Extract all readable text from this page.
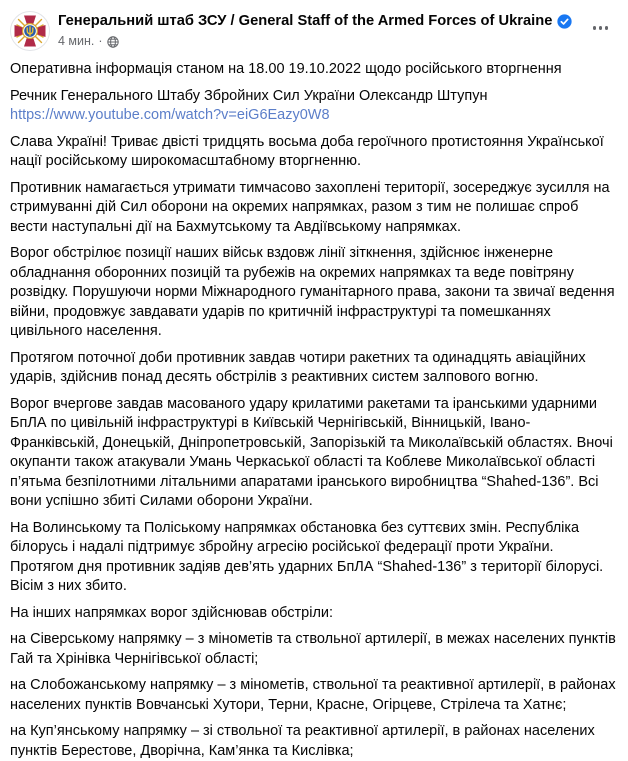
Генеральний штаб ЗСУ / General Staff of the Armed Forces of Ukraine
4 мин. ·

Оперативна інформація станом на 18.00 19.10.2022 щодо російського вторгнення

Речник Генерального Штабу Збройних Сил України Олександр Штупун

https://www.youtube.com/watch?v=eiG6Eazy0W8

Слава Україні! Триває двісті тридцять восьма доба героїчного протистояння Української нації російському широкомасштабному вторгненню.

Противник намагається утримати тимчасово захоплені території, зосереджує зусилля на стримуванні дій Сил оборони на окремих напрямках, разом з тим не полишає спроб вести наступальні дії на Бахмутському та Авдіївському напрямках.

Ворог обстрілює позиції наших військ вздовж лінії зіткнення, здійснює інженерне обладнання оборонних позицій та рубежів на окремих напрямках та веде повітряну розвідку. Порушуючи норми Міжнародного гуманітарного права, закони та звичаї ведення війни, продовжує завдавати ударів по критичній інфраструктурі та помешканнях цивільного населення.

Протягом поточної доби противник завдав чотири ракетних та одинадцять авіаційних ударів, здійснив понад десять обстрілів з реактивних систем залпового вогню.

Ворог вчергове завдав масованого удару крилатими ракетами та іранськими ударними БпЛА по цивільній інфраструктурі в Київській Чернігівській, Вінницькій, Івано-Франківській, Донецькій, Дніпропетровській, Запорізькій та Миколаївській областях. Вночі окупанти також атакували Умань Черкаської області та Коблеве Миколаївської області п’ятьма безпілотними літальними апаратами іранського виробництва “Shahed-136”. Всі вони успішно збиті Силами оборони України.

На Волинському та Поліському напрямках обстановка без суттєвих змін. Республіка білорусь і надалі підтримує збройну агресію російської федерації проти України. Протягом дня противник задіяв дев’ять ударних БпЛА “Shahed-136” з території білорусі. Вісім з них збито.

На інших напрямках ворог здійснював обстріли:

на Сіверському напрямку – з мінометів та ствольної артилерії, в межах населених пунктів Гай та Хрінівка Чернігівської області;

на Слобожанському напрямку – з мінометів, ствольної та реактивної артилерії, в районах населених пунктів Вовчанські Хутори, Терни, Красне, Огірцеве, Стрілеча та Хатнє;

на Куп’янському напрямку – зі ствольної та реактивної артилерії, в районах населених пунктів Берестове, Дворічна, Кам’янка та Кислівка;
